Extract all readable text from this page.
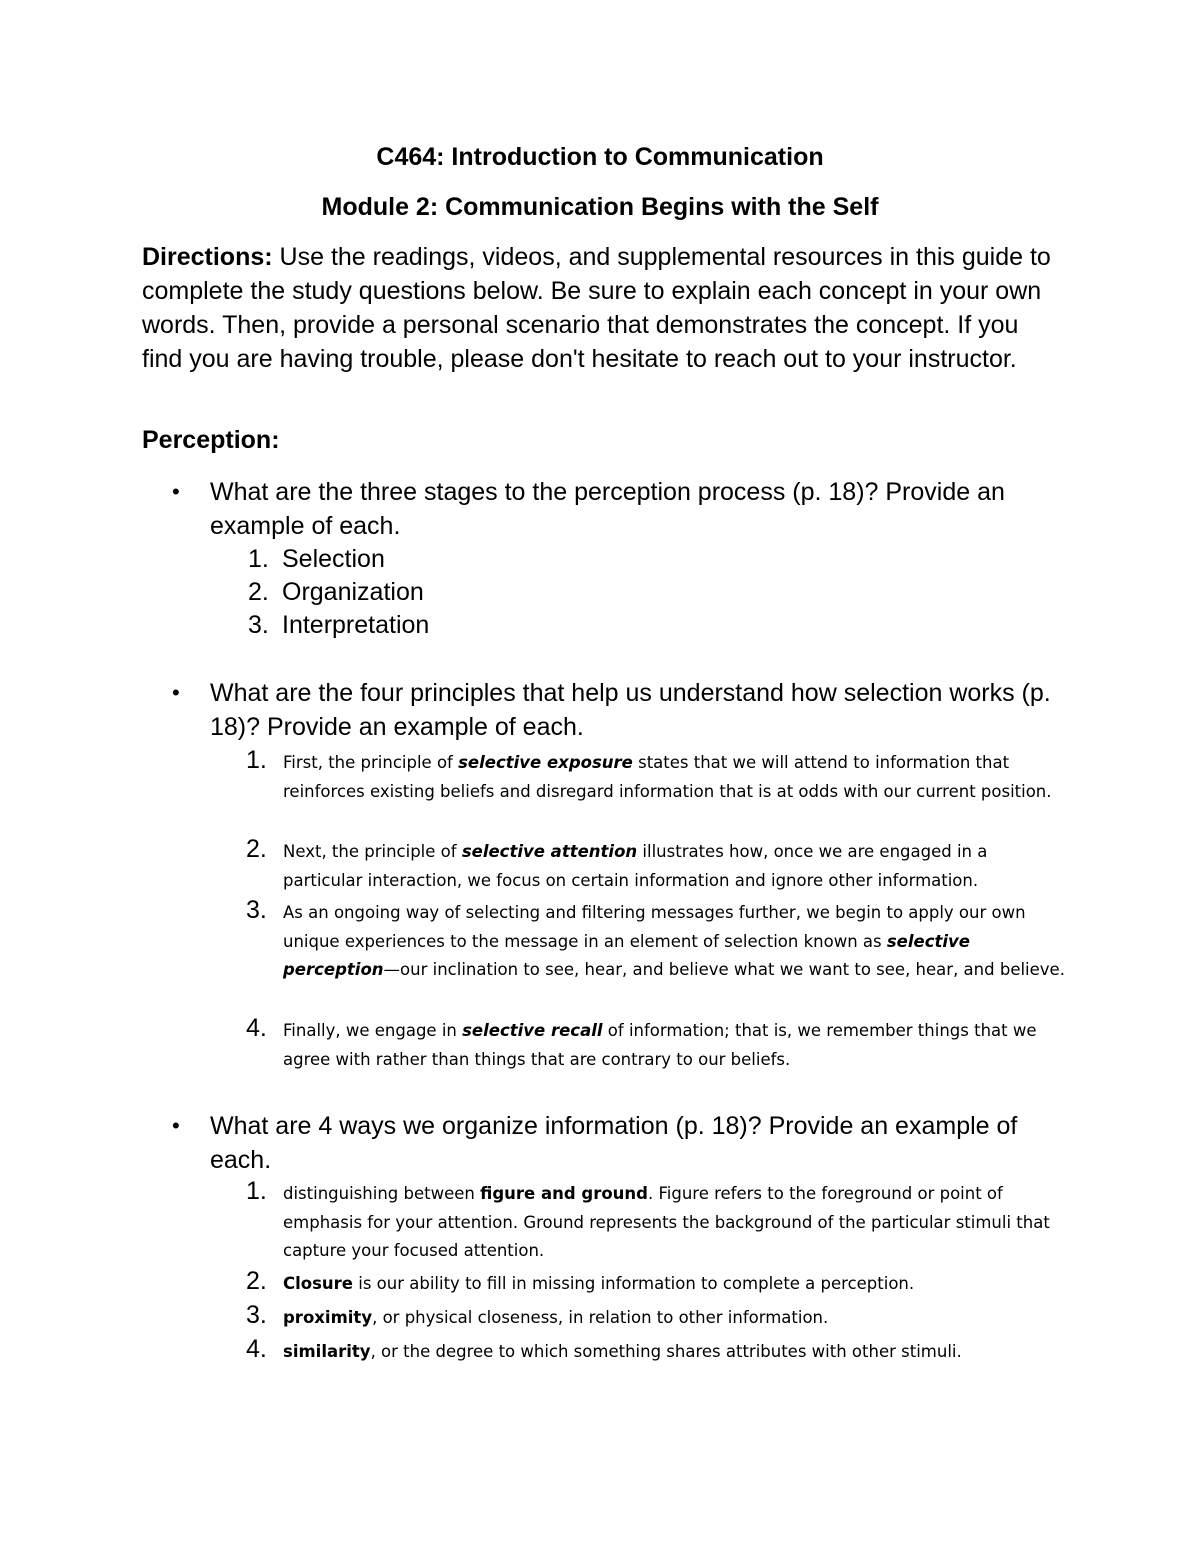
C464: Introduction to Communication
Module 2: Communication Begins with the Self
Directions: Use the readings, videos, and supplemental resources in this guide to complete the study questions below. Be sure to explain each concept in your own words. Then, provide a personal scenario that demonstrates the concept. If you find you are having trouble, please don't hesitate to reach out to your instructor.
Perception:
• What are the three stages to the perception process (p. 18)? Provide an example of each.
1. Selection
2. Organization
3. Interpretation
• What are the four principles that help us understand how selection works (p. 18)? Provide an example of each.
1. First, the principle of selective exposure states that we will attend to information that reinforces existing beliefs and disregard information that is at odds with our current position.
2. Next, the principle of selective attention illustrates how, once we are engaged in a particular interaction, we focus on certain information and ignore other information.
3. As an ongoing way of selecting and filtering messages further, we begin to apply our own unique experiences to the message in an element of selection known as selective perception—our inclination to see, hear, and believe what we want to see, hear, and believe.
4. Finally, we engage in selective recall of information; that is, we remember things that we agree with rather than things that are contrary to our beliefs.
• What are 4 ways we organize information (p. 18)? Provide an example of each.
1. distinguishing between figure and ground. Figure refers to the foreground or point of emphasis for your attention. Ground represents the background of the particular stimuli that capture your focused attention.
2. Closure is our ability to fill in missing information to complete a perception.
3. proximity, or physical closeness, in relation to other information.
4. similarity, or the degree to which something shares attributes with other stimuli.
